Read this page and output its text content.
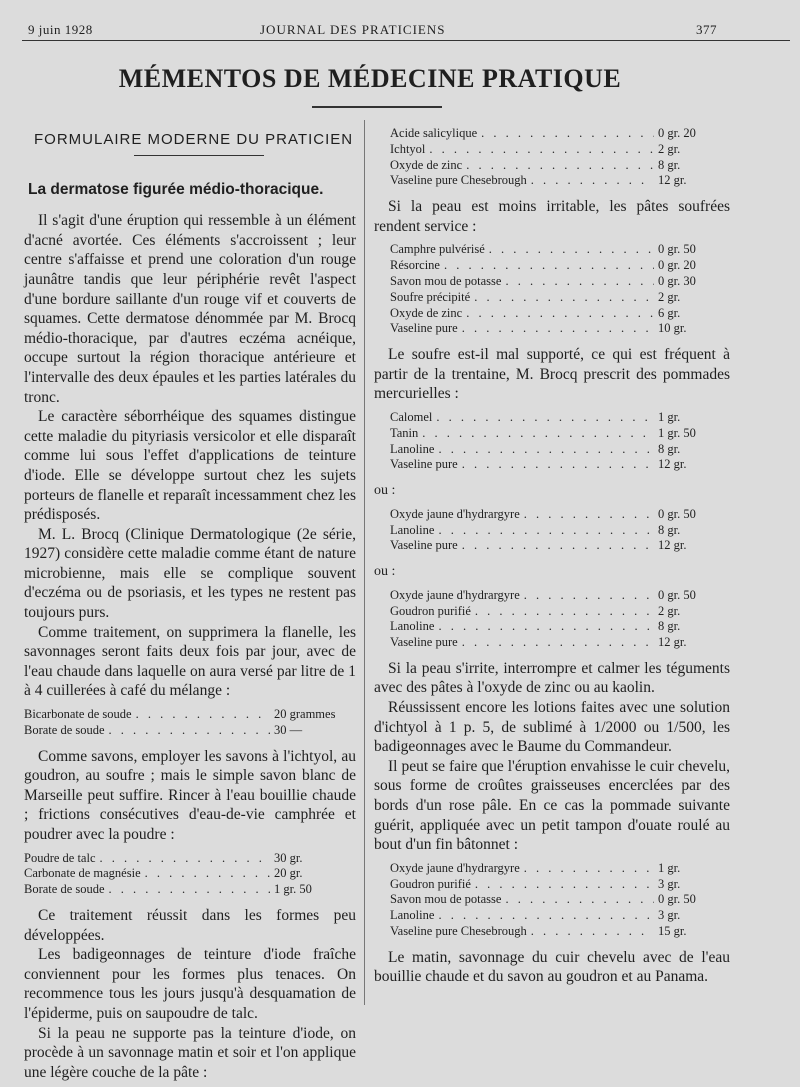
9 juin 1928	JOURNAL DES PRATICIENS	377
MÉMENTOS DE MÉDECINE PRATIQUE
FORMULAIRE MODERNE DU PRATICIEN
La dermatose figurée médio-thoracique.

Il s'agit d'une éruption qui ressemble à un élément d'acné avortée. Ces éléments s'accroissent ; leur centre s'affaisse et prend une coloration d'un rouge jaunâtre tandis que leur périphérie revêt l'aspect d'une bordure saillante d'un rouge vif et couverts de squames. Cette dermatose dénommée par M. Brocq médio-thoracique, par d'autres eczéma acnéique, occupe surtout la région thoracique antérieure et l'intervalle des deux épaules et les parties latérales du tronc.

Le caractère séborrhéique des squames distingue cette maladie du pityriasis versicolor et elle disparaît comme lui sous l'effet d'applications de teinture d'iode. Elle se développe surtout chez les sujets porteurs de flanelle et reparaît incessamment chez les prédisposés.

M. L. Brocq (Clinique Dermatologique (2e série, 1927) considère cette maladie comme étant de nature microbienne, mais elle se complique souvent d'eczéma ou de psoriasis, et les types ne restent pas toujours purs.

Comme traitement, on supprimera la flanelle, les savonnages seront faits deux fois par jour, avec de l'eau chaude dans laquelle on aura versé par litre de 1 à 4 cuillerées à café du mélange :

Bicarbonate de soude . . .	20 grammes
Borate de soude . . .	30 —

Comme savons, employer les savons à l'ichtyol, au goudron, au soufre ; mais le simple savon blanc de Marseille peut suffire. Rincer à l'eau bouillie chaude ; frictions consécutives d'eau-de-vie camphrée et poudrer avec la poudre :

Poudre de talc . . .	30 gr.
Carbonate de magnésie . . .	20 gr.
Borate de soude . . .	1 gr. 50

Ce traitement réussit dans les formes peu développées.

Les badigeonnages de teinture d'iode fraîche conviennent pour les formes plus tenaces. On recommence tous les jours jusqu'à desquamation de l'épiderme, puis on saupoudre de talc.

Si la peau ne supporte pas la teinture d'iode, on procède à un savonnage matin et soir et l'on applique une légère couche de la pâte :

Acide salicylique . . .	0 gr. 20
Ichtyol . . .	2 gr.
Oxyde de zinc . . .	8 gr.
Vaseline pure Chesebrough . . .	12 gr.

Si la peau est moins irritable, les pâtes soufrées rendent service :

Camphre pulvérisé . . .	0 gr. 50
Résorcine . . .	0 gr. 20
Savon mou de potasse . . .	0 gr. 30
Soufre précipité . . .	2 gr.
Oxyde de zinc . . .	6 gr.
Vaseline pure . . .	10 gr.

Le soufre est-il mal supporté, ce qui est fréquent à partir de la trentaine, M. Brocq prescrit des pommades mercurielles :

Calomel . . .	1 gr.
Tanin . . .	1 gr. 50
Lanoline . . .	8 gr.
Vaseline pure . . .	12 gr.
ou :
Oxyde jaune d'hydrargyre . . .	0 gr. 50
Lanoline . . .	8 gr.
Vaseline pure . . .	12 gr.
ou :
Oxyde jaune d'hydrargyre . . .	0 gr. 50
Goudron purifié . . .	2 gr.
Lanoline . . .	8 gr.
Vaseline pure . . .	12 gr.

Si la peau s'irrite, interrompre et calmer les téguments avec des pâtes à l'oxyde de zinc ou au kaolin.

Réussissent encore les lotions faites avec une solution d'ichtyol à 1 p. 5, de sublimé à 1/2000 ou 1/500, les badigeonnages avec le Baume du Commandeur.

Il peut se faire que l'éruption envahisse le cuir chevelu, sous forme de croûtes graisseuses encerclées par des bords d'un rose pâle. En ce cas la pommade suivante guérit, appliquée avec un petit tampon d'ouate roulé au bout d'un fin bâtonnet :

Oxyde jaune d'hydrargyre . . .	1 gr.
Goudron purifié . . .	3 gr.
Savon mou de potasse . . .	0 gr. 50
Lanoline . . .	3 gr.
Vaseline pure Chesebrough . . .	15 gr.

Le matin, savonnage du cuir chevelu avec de l'eau bouillie chaude et du savon au goudron et au Panama.
